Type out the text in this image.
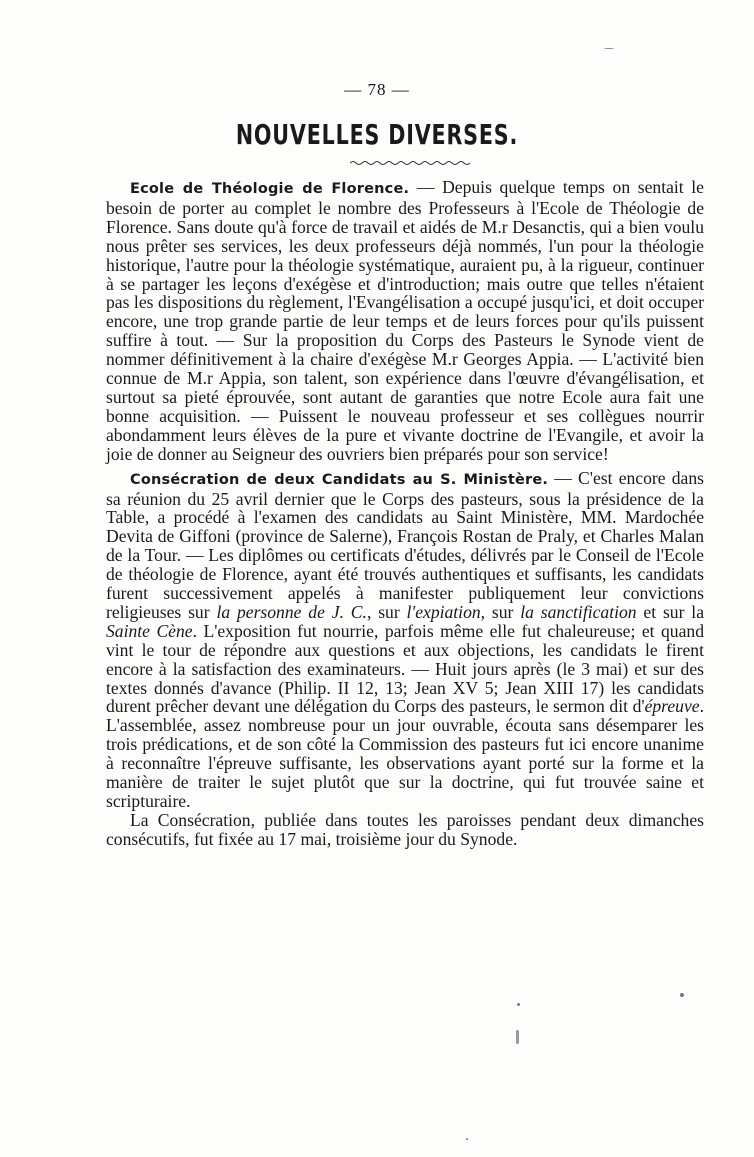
— 78 —
NOUVELLES DIVERSES.

Ecole de Théologie de Florence. — Depuis quelque temps on sentait le besoin de porter au complet le nombre des Professeurs à l'Ecole de Théologie de Florence. Sans doute qu'à force de travail et aidés de M.r Desanctis, qui a bien voulu nous prêter ses services, les deux professeurs déjà nommés, l'un pour la théologie historique, l'autre pour la théologie systématique, auraient pu, à la rigueur, continuer à se partager les leçons d'exégèse et d'introduction; mais outre que telles n'étaient pas les dispositions du règlement, l'Evangélisation a occupé jusqu'ici, et doit occuper encore, une trop grande partie de leur temps et de leurs forces pour qu'ils puissent suffire à tout. — Sur la proposition du Corps des Pasteurs le Synode vient de nommer définitivement à la chaire d'exégèse M.r Georges Appia. — L'activité bien connue de M.r Appia, son talent, son expérience dans l'œuvre d'évangélisation, et surtout sa pieté éprouvée, sont autant de garanties que notre Ecole aura fait une bonne acquisition. — Puissent le nouveau professeur et ses collègues nourrir abondamment leurs élèves de la pure et vivante doctrine de l'Evangile, et avoir la joie de donner au Seigneur des ouvriers bien préparés pour son service!

Consécration de deux Candidats au S. Ministère. — C'est encore dans sa réunion du 25 avril dernier que le Corps des pasteurs, sous la présidence de la Table, a procédé à l'examen des candidats au Saint Ministère, MM. Mardochée Devita de Giffoni (province de Salerne), François Rostan de Praly, et Charles Malan de la Tour. — Les diplômes ou certificats d'études, délivrés par le Conseil de l'Ecole de théologie de Florence, ayant été trouvés authentiques et suffisants, les candidats furent successivement appelés à manifester publiquement leur convictions religieuses sur la personne de J. C., sur l'expiation, sur la sanctification et sur la Sainte Cène. L'exposition fut nourrie, parfois même elle fut chaleureuse; et quand vint le tour de répondre aux questions et aux objections, les candidats le firent encore à la satisfaction des examinateurs. — Huit jours après (le 3 mai) et sur des textes donnés d'avance (Philip. II 12, 13; Jean XV 5; Jean XIII 17) les candidats durent prêcher devant une délégation du Corps des pasteurs, le sermon dit d'épreuve. L'assemblée, assez nombreuse pour un jour ouvrable, écouta sans désemparer les trois prédications, et de son côté la Commission des pasteurs fut ici encore unanime à reconnaître l'épreuve suffisante, les observations ayant porté sur la forme et la manière de traiter le sujet plutôt que sur la doctrine, qui fut trouvée saine et scripturaire.

La Consécration, publiée dans toutes les paroisses pendant deux dimanches consécutifs, fut fixée au 17 mai, troisième jour du Synode.
